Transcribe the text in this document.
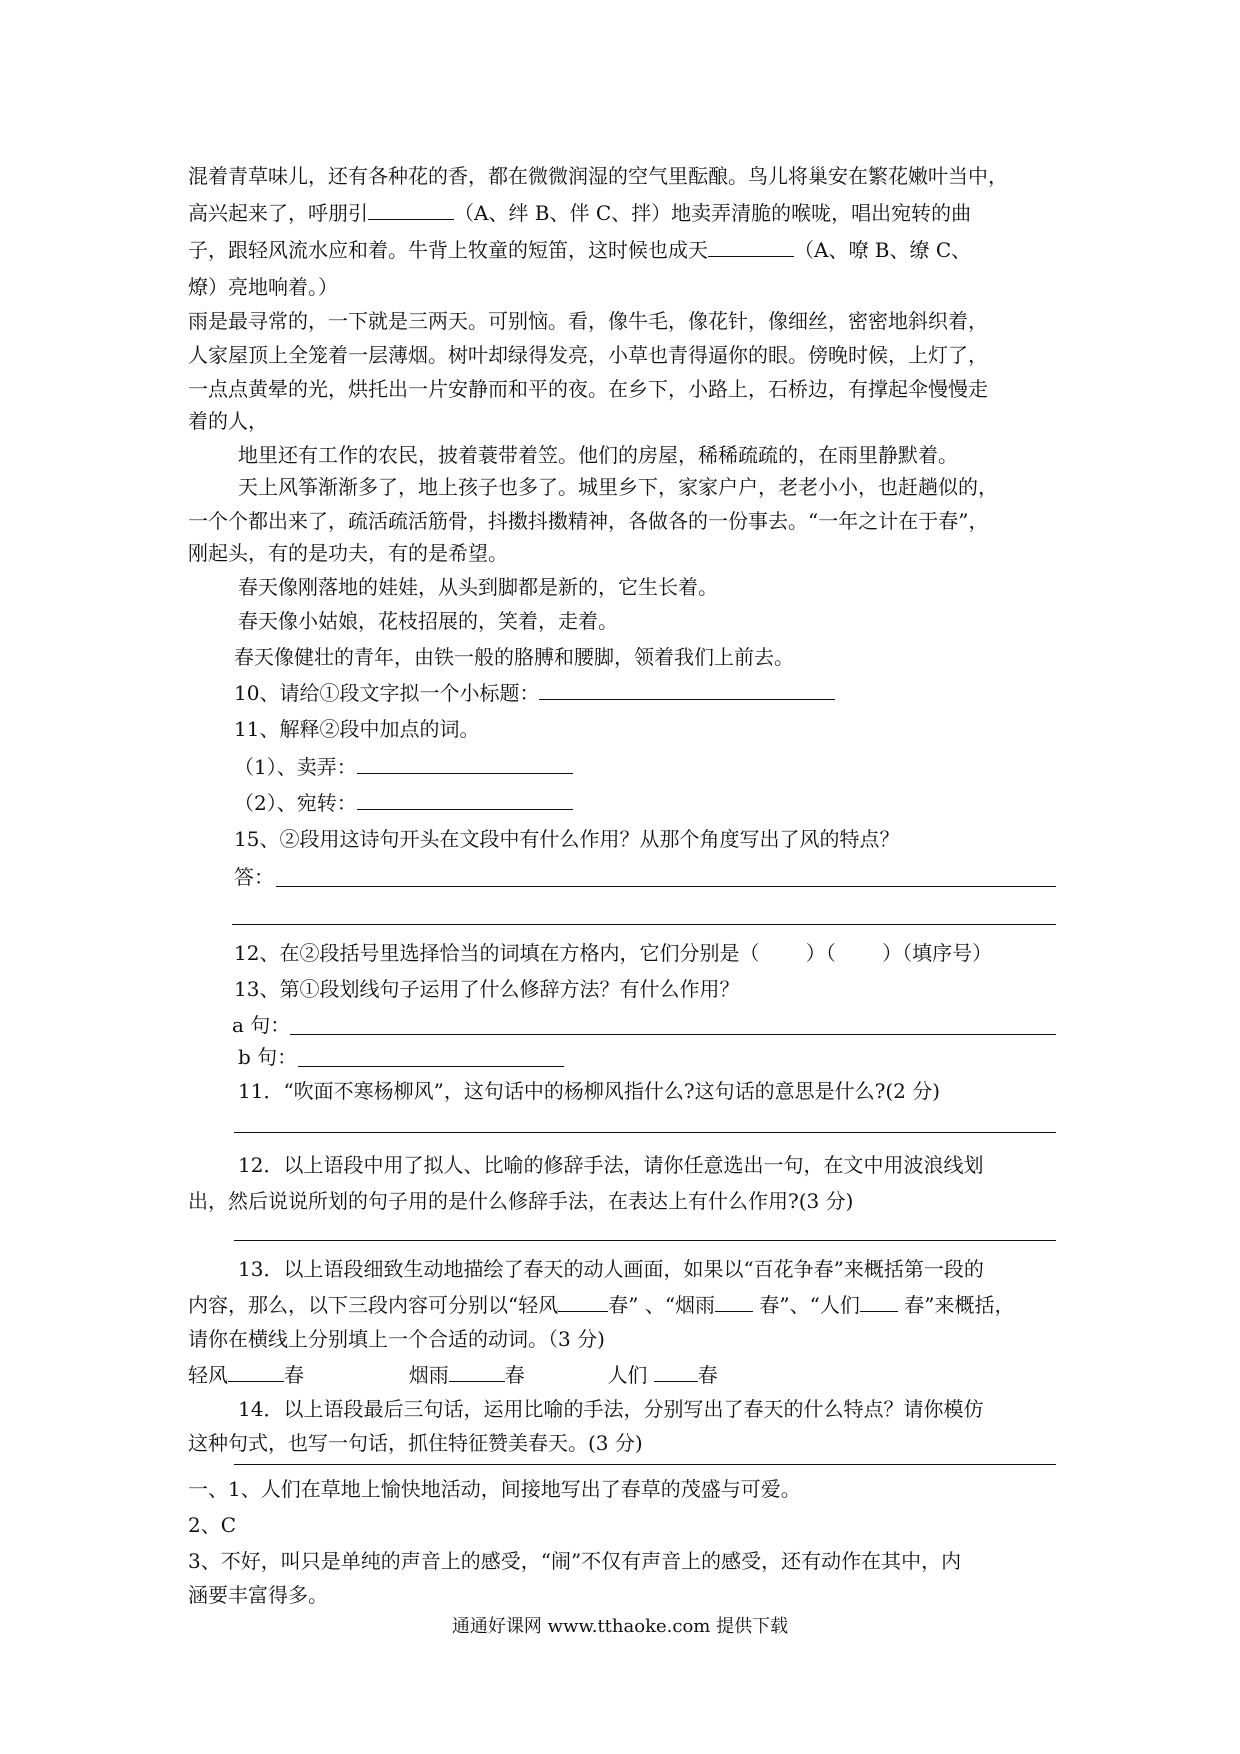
混着青草味儿，还有各种花的香，都在微微润湿的空气里酝酿。鸟儿将巢安在繁花嫩叶当中，
高兴起来了，呼朋引	（A、绊 B、伴 C、拌）地卖弄清脆的喉咙，唱出宛转的曲
子，跟轻风流水应和着。牛背上牧童的短笛，这时候也成天	（A、嘹 B、缭 C、
燎）亮地响着。）
雨是最寻常的，一下就是三两天。可别恼。看，像牛毛，像花针，像细丝，密密地斜织着，
人家屋顶上全笼着一层薄烟。树叶却绿得发亮，小草也青得逼你的眼。傍晚时候，上灯了，
一点点黄晕的光，烘托出一片安静而和平的夜。在乡下，小路上，石桥边，有撑起伞慢慢走
着的人，
地里还有工作的农民，披着蓑带着笠。他们的房屋，稀稀疏疏的，在雨里静默着。
天上风筝渐渐多了，地上孩子也多了。城里乡下，家家户户，老老小小，也赶趟似的，
一个个都出来了，疏活疏活筋骨，抖擞抖擞精神，各做各的一份事去。“一年之计在于春”，
刚起头，有的是功夫，有的是希望。
春天像刚落地的娃娃，从头到脚都是新的，它生长着。
春天像小姑娘，花枝招展的，笑着，走着。
春天像健壮的青年，由铁一般的胳膊和腰脚，领着我们上前去。
10、请给①段文字拟一个小标题：
11、解释②段中加点的词。
（1）、卖弄：
（2）、宛转：
15、②段用这诗句开头在文段中有什么作用？从那个角度写出了风的特点？
答：
12、在②段括号里选择恰当的词填在方格内，它们分别是（　　 ）（　　 ）（填序号）
13、第①段划线句子运用了什么修辞方法？有什么作用？
a 句：
b 句：
11．“吹面不寒杨柳风”，这句话中的杨柳风指什么?这句话的意思是什么?(2 分)
12．以上语段中用了拟人、比喻的修辞手法，请你任意选出一句，在文中用波浪线划
出，然后说说所划的句子用的是什么修辞手法，在表达上有什么作用?(3 分)
13．以上语段细致生动地描绘了春天的动人画面，如果以“百花争春”来概括第一段的
内容，那么，以下三段内容可分别以“轻风	春” 、“烟雨 春”、“人们 春”来概括，
请你在横线上分别填上一个合适的动词。（3 分)
轻风	春	烟雨	春	人们	春
14．以上语段最后三句话，运用比喻的手法，分别写出了春天的什么特点？请你模仿
这种句式，也写一句话，抓住特征赞美春天。(3 分)
一、1、人们在草地上愉快地活动，间接地写出了春草的茂盛与可爱。
2、C
3、不好，叫只是单纯的声音上的感受，“闹”不仅有声音上的感受，还有动作在其中，内
涵要丰富得多。
通通好课网 www.tthaoke.com 提供下载
